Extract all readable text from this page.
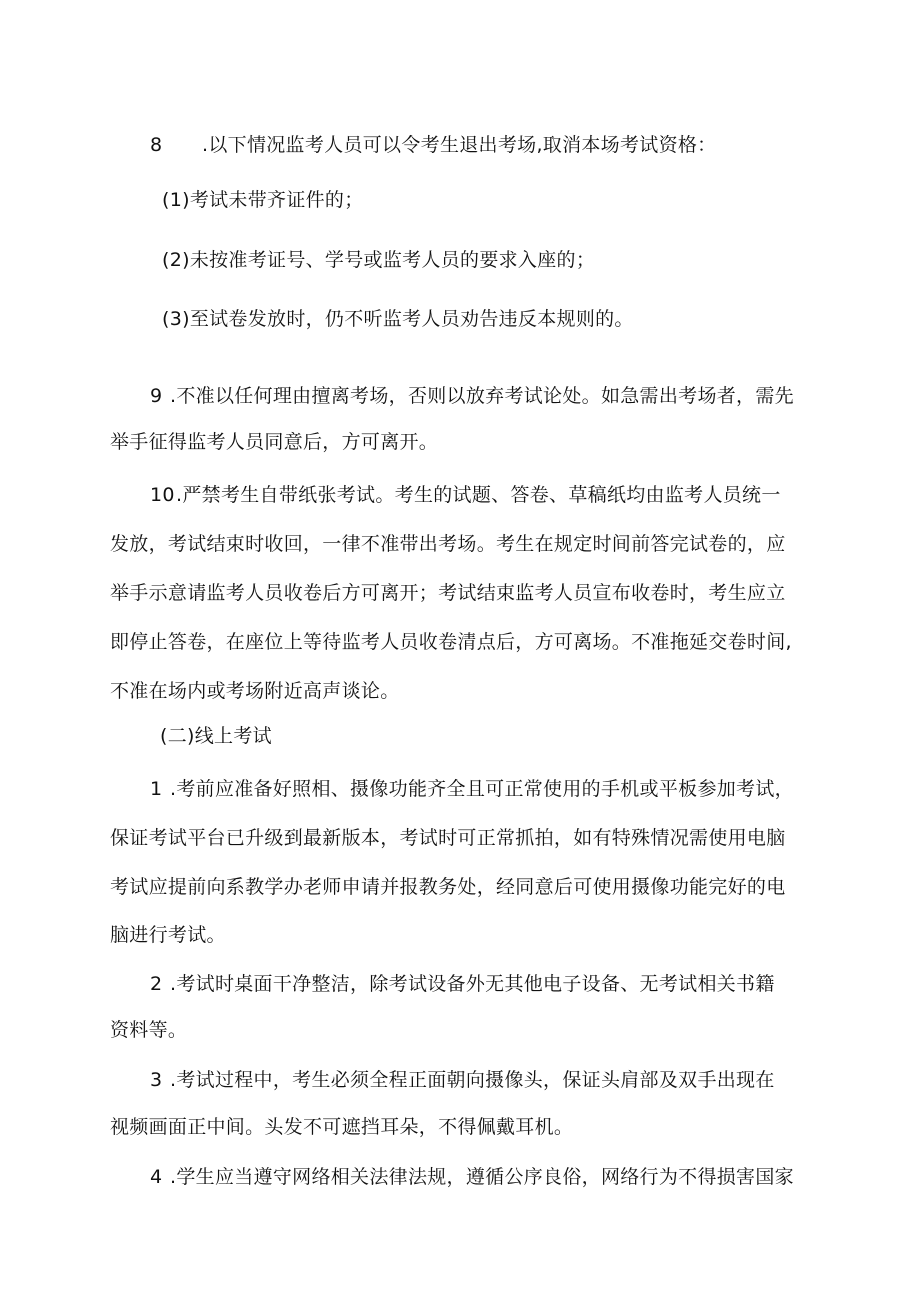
8 .以下情况监考人员可以令考生退出考场,取消本场考试资格：
(1)考试未带齐证件的；
(2)未按准考证号、学号或监考人员的要求入座的；
(3)至试卷发放时，仍不听监考人员劝告违反本规则的。
9 .不准以任何理由擅离考场，否则以放弃考试论处。如急需出考场者，需先
举手征得监考人员同意后，方可离开。
10.严禁考生自带纸张考试。考生的试题、答卷、草稿纸均由监考人员统一
发放，考试结束时收回，一律不准带出考场。考生在规定时间前答完试卷的，应
举手示意请监考人员收卷后方可离开；考试结束监考人员宣布收卷时，考生应立
即停止答卷，在座位上等待监考人员收卷清点后，方可离场。不准拖延交卷时间,
不准在场内或考场附近高声谈论。
(二)线上考试
1 .考前应准备好照相、摄像功能齐全且可正常使用的手机或平板参加考试，
保证考试平台已升级到最新版本，考试时可正常抓拍，如有特殊情况需使用电脑
考试应提前向系教学办老师申请并报教务处，经同意后可使用摄像功能完好的电
脑进行考试。
2 .考试时桌面干净整洁，除考试设备外无其他电子设备、无考试相关书籍
资料等。
3 .考试过程中，考生必须全程正面朝向摄像头，保证头肩部及双手出现在
视频画面正中间。头发不可遮挡耳朵，不得佩戴耳机。
4 .学生应当遵守网络相关法律法规，遵循公序良俗，网络行为不得损害国家
